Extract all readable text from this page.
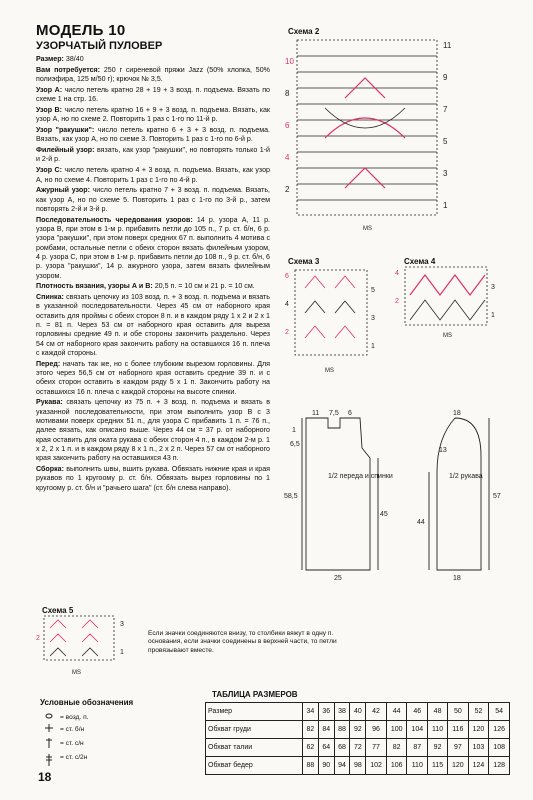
МОДЕЛЬ 10
УЗОРЧАТЫЙ ПУЛОВЕР

Размер: 38/40

Вам потребуется: 250 г сиреневой пряжи Jazz (50% хлопка, 50% полиэфира, 125 м/50 г); крючок № 3,5.

Узор А: число петель кратно 28 + 19 + 3 возд. п. подъема. Вязать по схеме 1 на стр. 16.

Узор В: число петель кратно 16 + 9 + 3 возд. п. подъема. Вязать, как узор А, но по схеме 2. Повторить 1 раз с 1-го по 11-й р.

Узор "ракушки": число петель кратно 6 + 3 + 3 возд. п. подъема. Вязать, как узор А, но по схеме 3. Повторить 1 раз с 1-го по 6-й р.

Филейный узор: вязать, как узор "ракушки", но повторять только 1-й и 2-й р.

Узор С: число петель кратно 4 + 3 возд. п. подъема. Вязать, как узор А, но по схеме 4. Повторить 1 раз с 1-го по 4-й р.

Ажурный узор: число петель кратно 7 + 3 возд. п. подъема. Вязать, как узор А, но по схеме 5. Повторить 1 раз с 1-го по 3-й р., затем повторять 2-й и 3-й р.

Последовательность чередования узоров: 14 р. узора А, 11 р. узора В, при этом в 1-м р. прибавить петли до 105 п., 7 р. ст. б/н, 6 р. узора "ракушки", при этом поверх средних 67 п. выполнить 4 мотива с ромбами, остальные петли с обеих сторон вязать филейным узором, 4 р. узора С, при этом в 1-м р. прибавить петли до 108 п., 9 р. ст. б/н, 6 р. узора "ракушки", 14 р. ажурного узора, затем вязать филейным узором.

Плотность вязания, узоры А и В: 20,5 п. = 10 см и 21 р. = 10 см.

Спинка: связать цепочку из 103 возд. п. + 3 возд. п. подъема и вязать в указанной последовательности. Через 45 см от наборного края оставить для проймы с обеих сторон 8 п. и в каждом ряду 1 х 2 и 2 х 1 п. = 81 п. Через 53 см от наборного края оставить для выреза горловины средние 49 п. и обе стороны закончить раздельно. Через 54 см от наборного края закончить работу на оставшихся 16 п. плечa с каждой стороны.

Перед: начать так же, но с более глубоким вырезом горловины. Для этого через 56,5 см от наборного края оставить средние 39 п. и с обеих сторон оставить в каждом ряду 5 х 1 п. Закончить работу на оставшихся 16 п. плеча с каждой стороны на высоте спинки.

Рукава: связать цепочку из 75 п. + 3 возд. п. подъема и вязать в указанной последовательности, при этом выполнить узор В с 3 мотивами поверх средних 51 п., для узора С прибавить 1 п. = 76 п., далее вязать, как описано выше. Через 44 см = 37 р. от наборного края оставить для оката рукава с обеих сторон 4 п., в каждом 2-м р. 1 х 2, 2 х 1 п. и в каждом ряду 8 х 1 п., 2 х 2 п. Через 57 см от наборного края закончить работу на оставшихся 43 п.

Сборка: выполнить швы, вшить рукава. Обвязать нижние края и края рукавов по 1 кругоому р. ст. б/н. Обвязать вырез горловины по 1 кругоому р. ст. б/н и "рачьего шага" (ст. б/н слева направо).

Схема 2
11
10
9
8
7
6
5
4
3
2
1
MS
Схема 3
6
5
4
3
2
1
MS
Схема 4
4
3
2
1
MS
11 7,5 6
1
6,5
58,5
45
25
1/2 переда и спинки
18
13
44
57
18
1/2 рукава
Схема 5
3
2
1
MS
Если значки соединяются внизу, то столбики вяжут в одну п. основания, если значки соединены в верхней части, то петли провязывают вместе.
Условные обозначения
= возд. п.
= ст. б/н
= ст. с/н
= ст. с/2н
ТАБЛИЦА РАЗМЕРОВ
Размер	34	36	38	40	42	44	46	48	50	52	54
Обхват груди	82	84	88	92	96	100	104	110	116	120	126
Обхват талии	62	64	68	72	77	82	87	92	97	103	108
Обхват бедер	88	90	94	98	102	106	110	115	120	124	128
18
